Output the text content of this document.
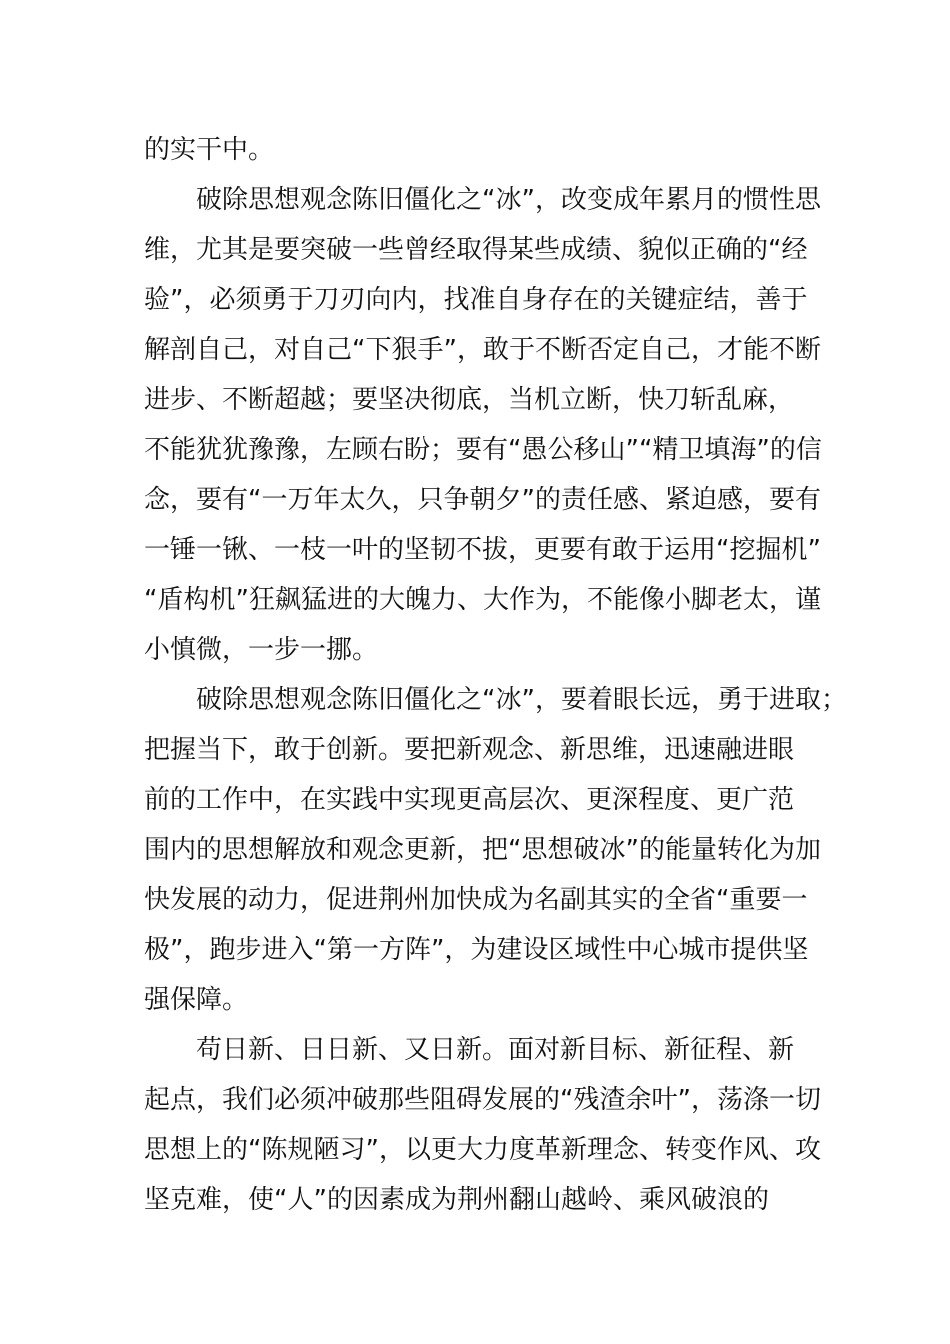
的实干中。
破除思想观念陈旧僵化之“冰”，改变成年累月的惯性思
维，尤其是要突破一些曾经取得某些成绩、貌似正确的“经
验”，必须勇于刀刃向内，找准自身存在的关键症结，善于
解剖自己，对自己“下狠手”，敢于不断否定自己，才能不断
进步、不断超越；要坚决彻底，当机立断，快刀斩乱麻，
不能犹犹豫豫，左顾右盼；要有“愚公移山”“精卫填海”的信
念，要有“一万年太久，只争朝夕”的责任感、紧迫感，要有
一锤一锹、一枝一叶的坚韧不拔，更要有敢于运用“挖掘机”
“盾构机”狂飙猛进的大魄力、大作为，不能像小脚老太，谨
小慎微，一步一挪。
破除思想观念陈旧僵化之“冰”，要着眼长远，勇于进取；
把握当下，敢于创新。要把新观念、新思维，迅速融进眼
前的工作中，在实践中实现更高层次、更深程度、更广范
围内的思想解放和观念更新，把“思想破冰”的能量转化为加
快发展的动力，促进荆州加快成为名副其实的全省“重要一
极”，跑步进入“第一方阵”，为建设区域性中心城市提供坚
强保障。
苟日新、日日新、又日新。面对新目标、新征程、新
起点，我们必须冲破那些阻碍发展的“残渣余叶”，荡涤一切
思想上的“陈规陋习”，以更大力度革新理念、转变作风、攻
坚克难，使“人”的因素成为荆州翻山越岭、乘风破浪的
